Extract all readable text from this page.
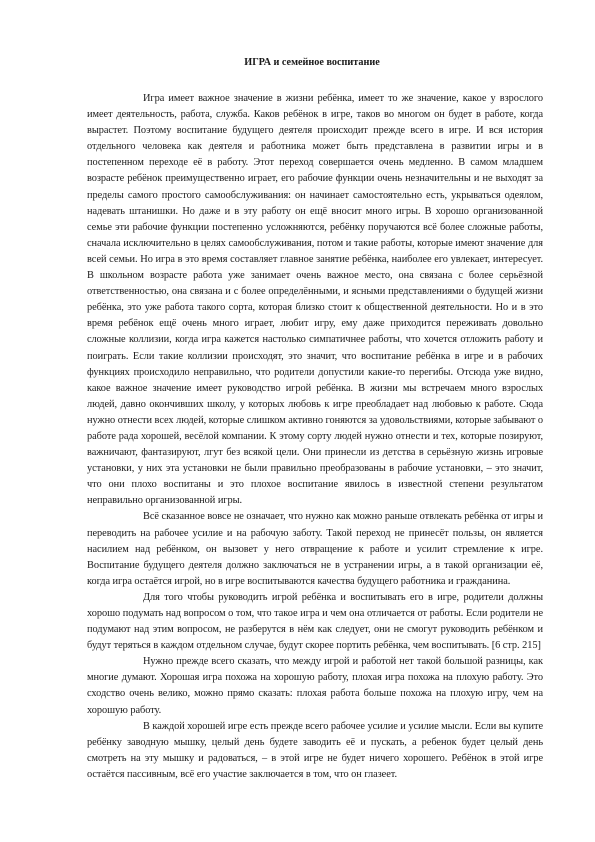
ИГРА и семейное воспитание

Игра имеет важное значение в жизни ребёнка, имеет то же значение, какое у взрослого имеет деятельность, работа, служба. Каков ребёнок в игре, таков во многом он будет в работе, когда вырастет. Поэтому воспитание будущего деятеля происходит прежде всего в игре. И вся история отдельного человека как деятеля и работника может быть представлена в развитии игры и в постепенном переходе её в работу. Этот переход совершается очень медленно. В самом младшем возрасте ребёнок преимущественно играет, его рабочие функции очень незначительны и не выходят за пределы самого простого самообслуживания: он начинает самостоятельно есть, укрываться одеялом, надевать штанишки. Но даже и в эту работу он ещё вносит много игры. В хорошо организованной семье эти рабочие функции постепенно усложняются, ребёнку поручаются всё более сложные работы, сначала исключительно в целях самообслуживания, потом и такие работы, которые имеют значение для всей семьи. Но игра в это время составляет главное занятие ребёнка, наиболее его увлекает, интересует. В школьном возрасте работа уже занимает очень важное место, она связана с более серьёзной ответственностью, она связана и с более определёнными, и ясными представлениями о будущей жизни ребёнка, это уже работа такого сорта, которая близко стоит к общественной деятельности. Но и в это время ребёнок ещё очень много играет, любит игру, ему даже приходится переживать довольно сложные коллизии, когда игра кажется настолько симпатичнее работы, что хочется отложить работу и поиграть. Если такие коллизии происходят, это значит, что воспитание ребёнка в игре и в рабочих функциях происходило неправильно, что родители допустили какие-то перегибы. Отсюда уже видно, какое важное значение имеет руководство игрой ребёнка. В жизни мы встречаем много взрослых людей, давно окончивших школу, у которых любовь к игре преобладает над любовью к работе. Сюда нужно отнести всех людей, которые слишком активно гоняются за удовольствиями, которые забывают о работе рада хорошей, весёлой компании. К этому сорту людей нужно отнести и тех, которые позируют, важничают, фантазируют, лгут без всякой цели. Они принесли из детства в серьёзную жизнь игровые установки, у них эта установки не были правильно преобразованы в рабочие установки, – это значит, что они плохо воспитаны и это плохое воспитание явилось в известной степени результатом неправильно организованной игры.

Всё сказанное вовсе не означает, что нужно как можно раньше отвлекать ребёнка от игры и переводить на рабочее усилие и на рабочую заботу. Такой переход не принесёт пользы, он является насилием над ребёнком, он вызовет у него отвращение к работе и усилит стремление к игре. Воспитание будущего деятеля должно заключаться не в устранении игры, а в такой организации её, когда игра остаётся игрой, но в игре воспитываются качества будущего работника и гражданина.

Для того чтобы руководить игрой ребёнка и воспитывать его в игре, родители должны хорошо подумать над вопросом о том, что такое игра и чем она отличается от работы. Если родители не подумают над этим вопросом, не разберутся в нём как следует, они не смогут руководить ребёнком и будут теряться в каждом отдельном случае, будут скорее портить ребёнка, чем воспитывать. [6 стр. 215]

Нужно прежде всего сказать, что между игрой и работой нет такой большой разницы, как многие думают. Хорошая игра похожа на хорошую работу, плохая игра похожа на плохую работу. Это сходство очень велико, можно прямо сказать: плохая работа больше похожа на плохую игру, чем на хорошую работу.

В каждой хорошей игре есть прежде всего рабочее усилие и усилие мысли. Если вы купите ребёнку заводную мышку, целый день будете заводить её и пускать, а ребенок будет целый день смотреть на эту мышку и радоваться, – в этой игре не будет ничего хорошего. Ребёнок в этой игре остаётся пассивным, всё его участие заключается в том, что он глазеет.
